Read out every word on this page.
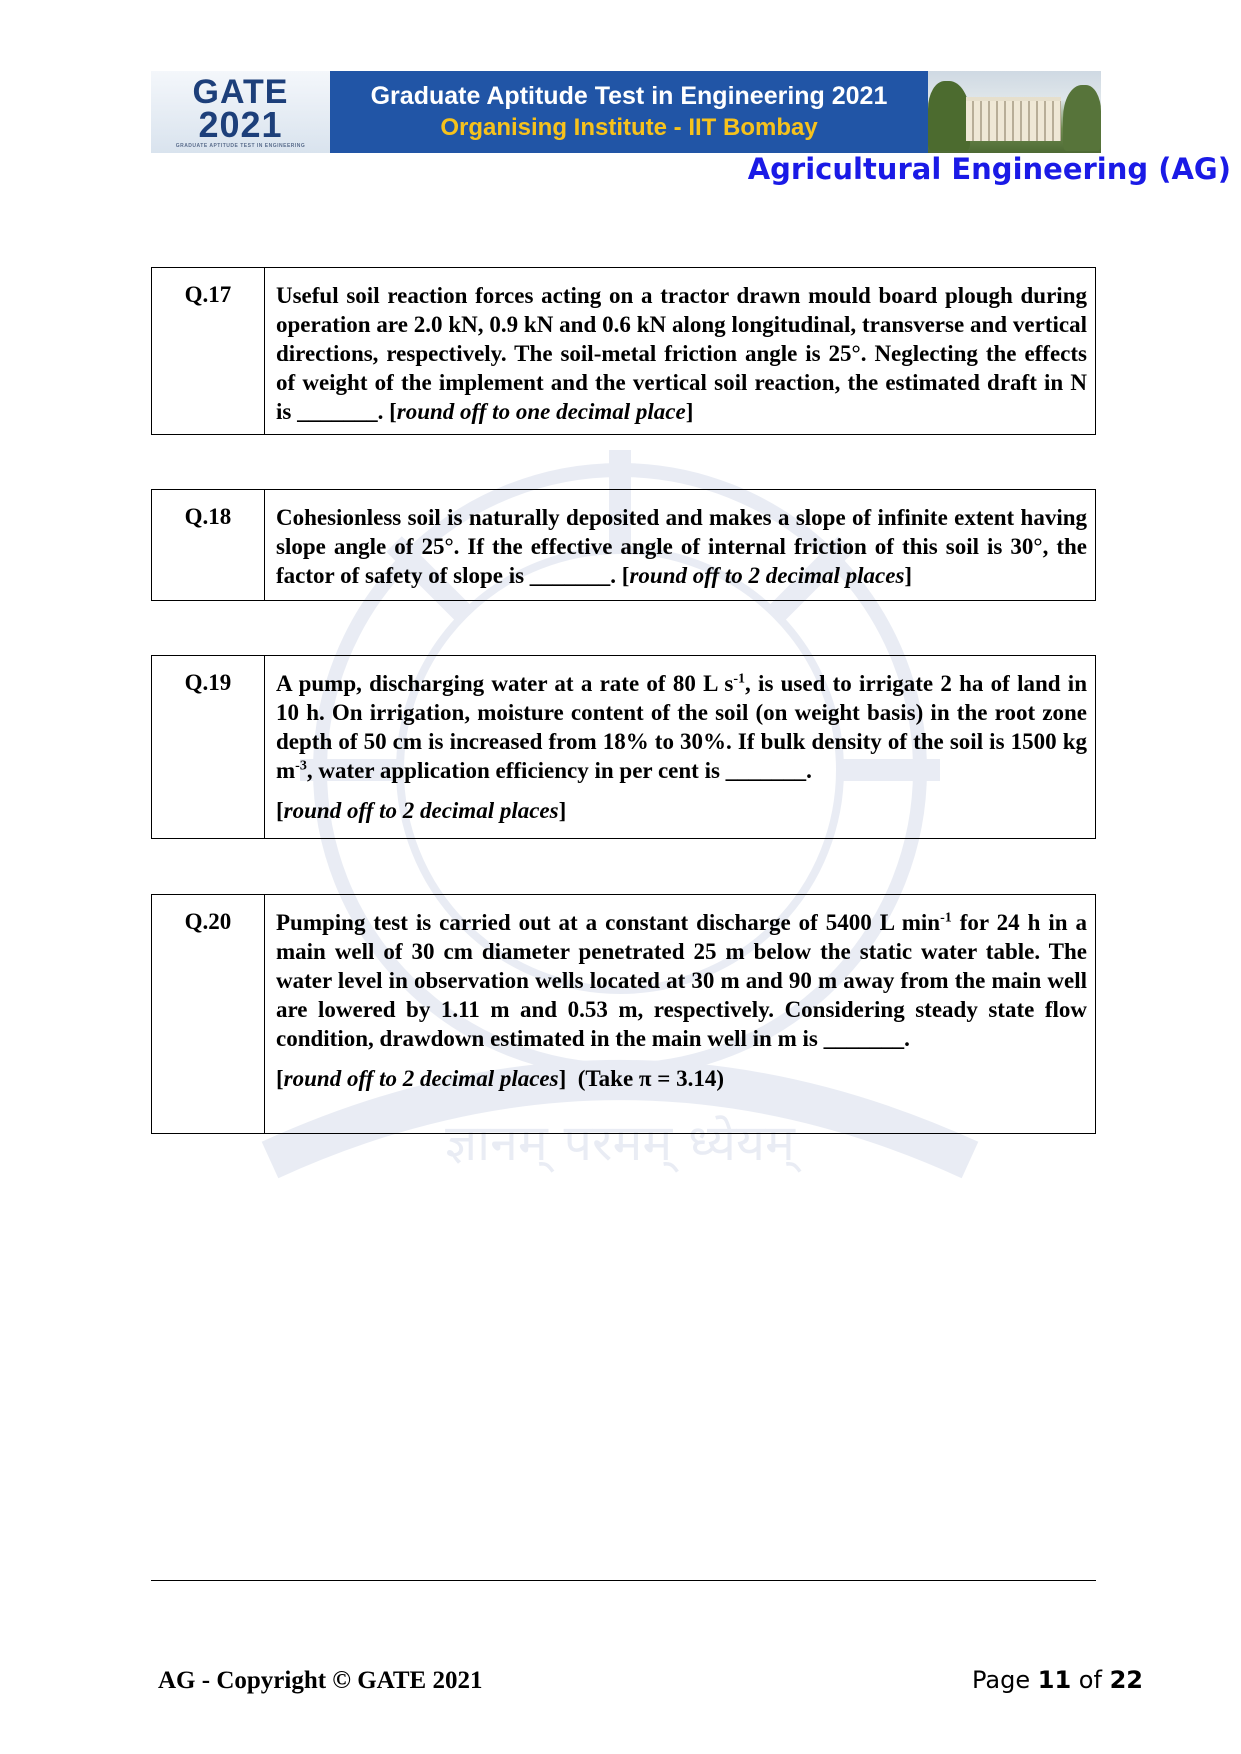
GATE
2021
GRADUATE APTITUDE TEST IN ENGINEERING
Graduate Aptitude Test in Engineering 2021
Organising Institute - IIT Bombay
Agricultural Engineering (AG)
ज्ञानम् परमम् ध्येयम्
Q.17	Useful soil reaction forces acting on a tractor drawn mould board plough during operation are 2.0 kN, 0.9 kN and 0.6 kN along longitudinal, transverse and vertical directions, respectively. The soil-metal friction angle is 25°. Neglecting the effects of weight of the implement and the vertical soil reaction, the estimated draft in N is _______. [round off to one decimal place]

Q.18	Cohesionless soil is naturally deposited and makes a slope of infinite extent having slope angle of 25°. If the effective angle of internal friction of this soil is 30°, the factor of safety of slope is _______. [round off to 2 decimal places]

Q.19	A pump, discharging water at a rate of 80 L $s^{-1}$, is used to irrigate 2 ha of land in 10 h. On irrigation, moisture content of the soil (on weight basis) in the root zone depth of 50 cm is increased from 18% to 30%. If bulk density of the soil is 1500 kg $m^{-3}$, water application efficiency in per cent is _______.

[round off to 2 decimal places]

Q.20	Pumping test is carried out at a constant discharge of 5400 L $\min^{-1}$ for 24 h in a main well of 30 cm diameter penetrated 25 m below the static water table. The water level in observation wells located at 30 m and 90 m away from the main well are lowered by 1.11 m and 0.53 m, respectively. Considering steady state flow condition, drawdown estimated in the main well in m is _______.

[round off to 2 decimal places]  (Take π = 3.14)

AG - Copyright © GATE 2021	Page 11 of 22
